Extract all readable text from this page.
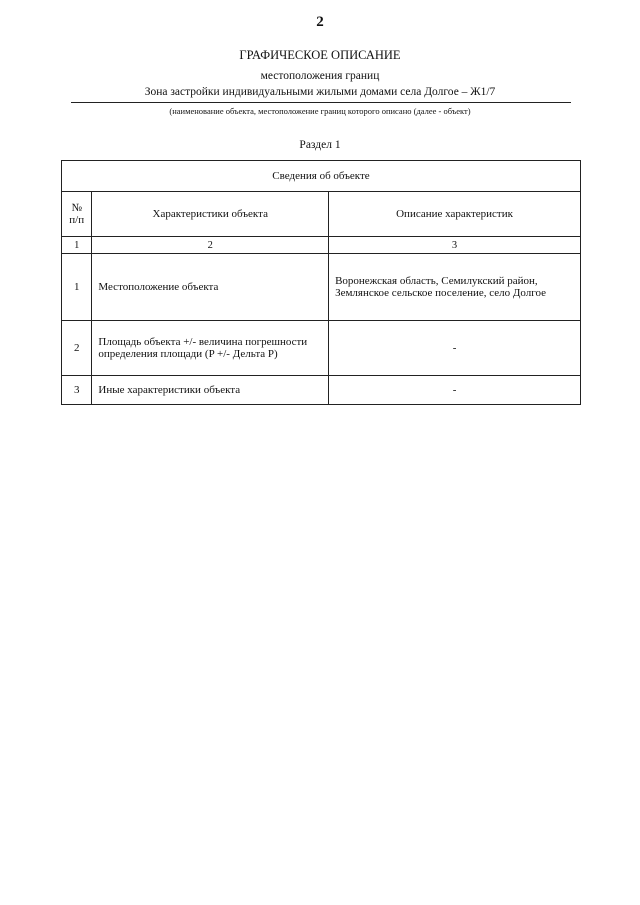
2
ГРАФИЧЕСКОЕ ОПИСАНИЕ
местоположения границ
Зона застройки индивидуальными жилыми домами села Долгое – Ж1/7
(наименование объекта, местоположение границ которого описано (далее - объект)
Раздел 1
Сведения об объекте		
№ п/п	Характеристики объекта	Описание характеристик
1	2	3
1	Местоположение объекта	Воронежская область, Семилукский район, Землянское сельское поселение, село Долгое
2	Площадь объекта +/- величина погрешности определения площади (P +/- Дельта P)	-
3	Иные характеристики объекта	-
